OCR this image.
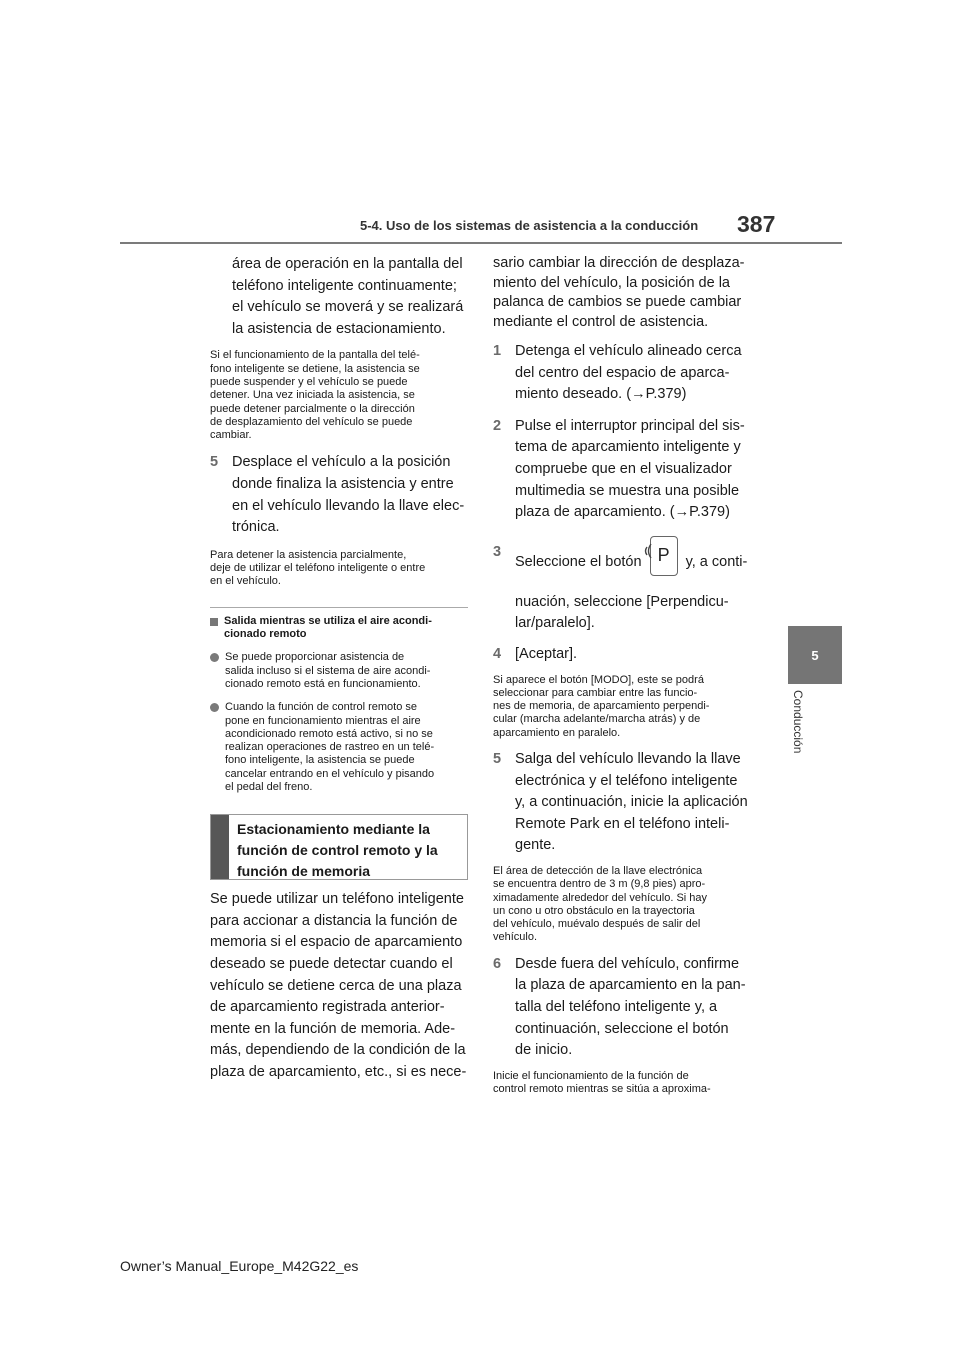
5-4. Uso de los sistemas de asistencia a la conducción 387
5
Conducción

área de operación en la pantalla del

teléfono inteligente continuamente;

el vehículo se moverá y se realizará

la asistencia de estacionamiento.

Si el funcionamiento de la pantalla del telé-

fono inteligente se detiene, la asistencia se

puede suspender y el vehículo se puede

detener. Una vez iniciada la asistencia, se

puede detener parcialmente o la dirección

de desplazamiento del vehículo se puede

cambiar.

5 Desplace el vehículo a la posición

donde finaliza la asistencia y entre

en el vehículo llevando la llave elec-

trónica.

Para detener la asistencia parcialmente,

deje de utilizar el teléfono inteligente o entre

en el vehículo.

Salida mientras se utiliza el aire acondi-
cionado remoto
Se puede proporcionar asistencia de
salida incluso si el sistema de aire acondi-
cionado remoto está en funcionamiento.
Cuando la función de control remoto se
pone en funcionamiento mientras el aire
acondicionado remoto está activo, si no se
realizan operaciones de rastreo en un telé-
fono inteligente, la asistencia se puede
cancelar entrando en el vehículo y pisando
el pedal del freno.
Estacionamiento mediante la
función de control remoto y la
función de memoria

Se puede utilizar un teléfono inteligente

para accionar a distancia la función de

memoria si el espacio de aparcamiento

deseado se puede detectar cuando el

vehículo se detiene cerca de una plaza

de aparcamiento registrada anterior-

mente en la función de memoria. Ade-

más, dependiendo de la condición de la

plaza de aparcamiento, etc., si es nece-

sario cambiar la dirección de desplaza-

miento del vehículo, la posición de la

palanca de cambios se puede cambiar

mediante el control de asistencia.

1 Detenga el vehículo alineado cerca

del centro del espacio de aparca-

miento deseado. (→P.379)

2 Pulse el interruptor principal del sis-

tema de aparcamiento inteligente y

compruebe que en el visualizador

multimedia se muestra una posible

plaza de aparcamiento. (→P.379)

3

Seleccione el botón P y, a conti-

nuación, seleccione [Perpendicu-

lar/paralelo].

4 [Aceptar].

Si aparece el botón [MODO], este se podrá

seleccionar para cambiar entre las funcio-

nes de memoria, de aparcamiento perpendi-

cular (marcha adelante/marcha atrás) y de

aparcamiento en paralelo.

5 Salga del vehículo llevando la llave

electrónica y el teléfono inteligente

y, a continuación, inicie la aplicación

Remote Park en el teléfono inteli-

gente.

El área de detección de la llave electrónica

se encuentra dentro de 3 m (9,8 pies) apro-

ximadamente alrededor del vehículo. Si hay

un cono u otro obstáculo en la trayectoria

del vehículo, muévalo después de salir del

vehículo.

6 Desde fuera del vehículo, confirme

la plaza de aparcamiento en la pan-

talla del teléfono inteligente y, a

continuación, seleccione el botón

de inicio.

Inicie el funcionamiento de la función de

control remoto mientras se sitúa a aproxima-

Owner’s Manual_Europe_M42G22_es
